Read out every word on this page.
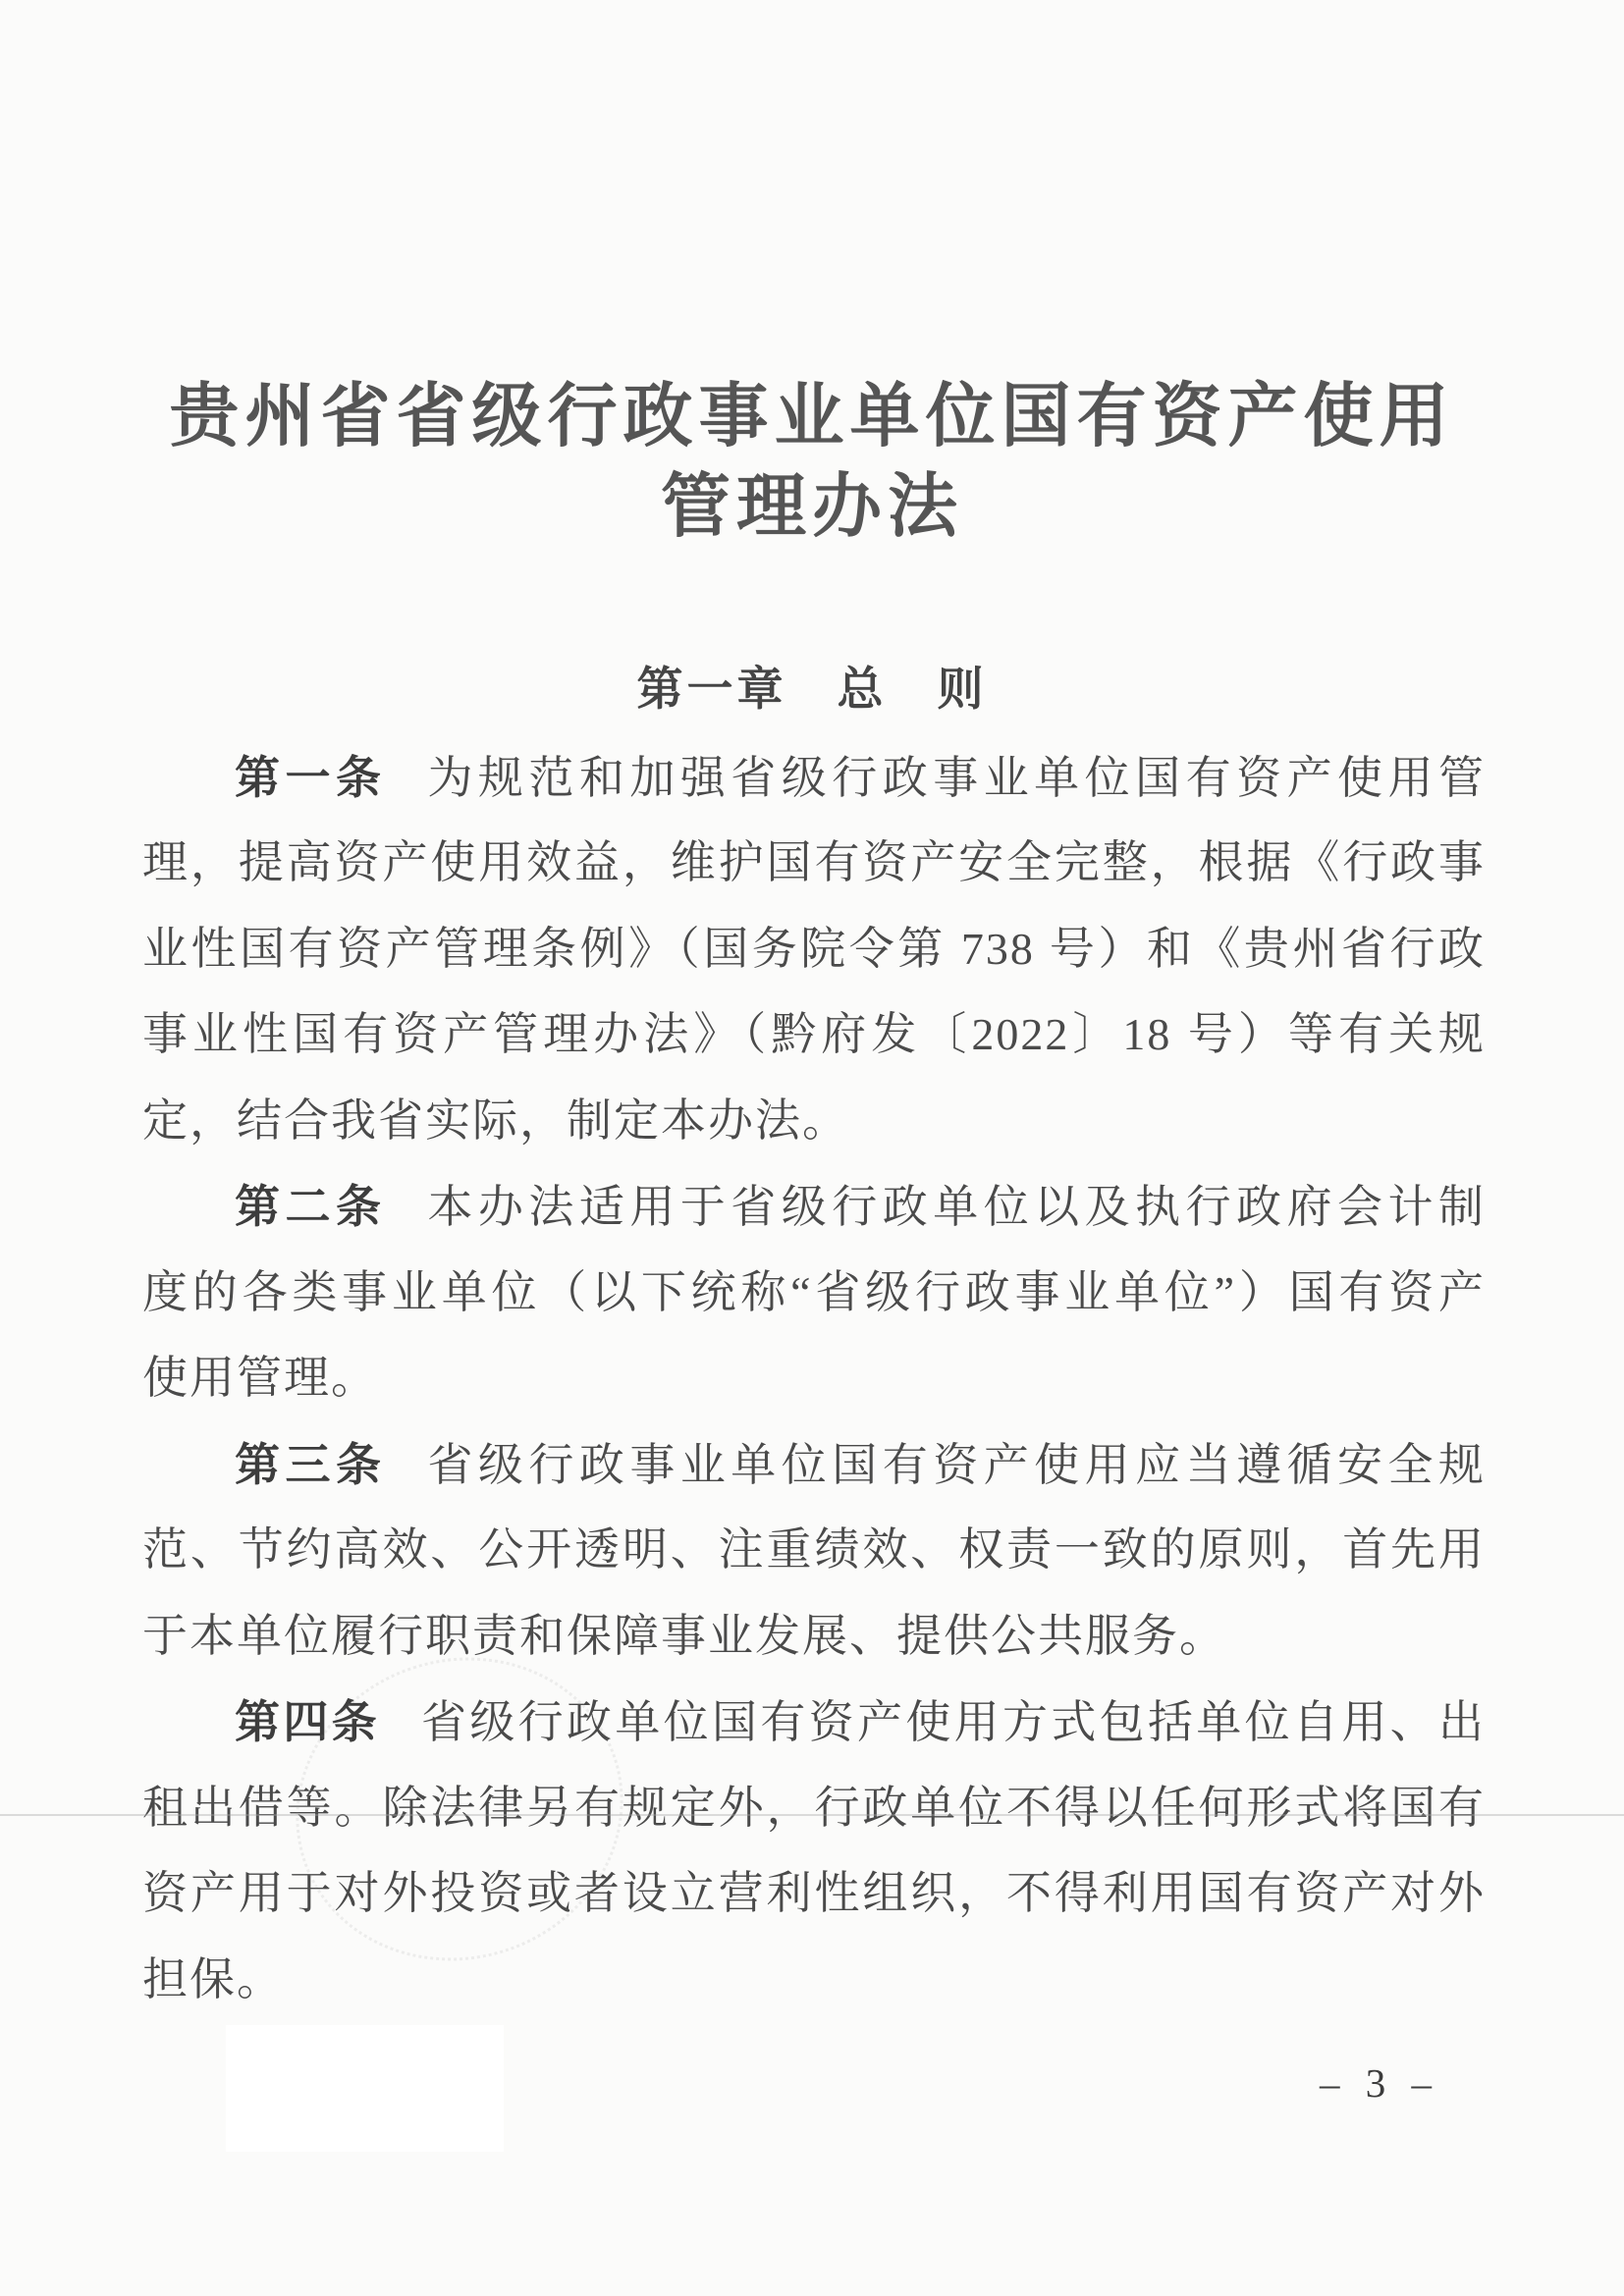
贵州省省级行政事业单位国有资产使用
管理办法
第一章　总　则
第一条 为规范和加强省级行政事业单位国有资产使用管
理，提高资产使用效益，维护国有资产安全完整，根据《行政事
业性国有资产管理条例》（国务院令第 738 号）和《贵州省行政
事业性国有资产管理办法》（黔府发〔2022〕18 号）等有关规
定，结合我省实际，制定本办法。
第二条 本办法适用于省级行政单位以及执行政府会计制
度的各类事业单位（以下统称“省级行政事业单位”）国有资产
使用管理。
第三条 省级行政事业单位国有资产使用应当遵循安全规
范、节约高效、公开透明、注重绩效、权责一致的原则，首先用
于本单位履行职责和保障事业发展、提供公共服务。
第四条 省级行政单位国有资产使用方式包括单位自用、出
租出借等。除法律另有规定外，行政单位不得以任何形式将国有
资产用于对外投资或者设立营利性组织，不得利用国有资产对外
担保。
– 3 –
